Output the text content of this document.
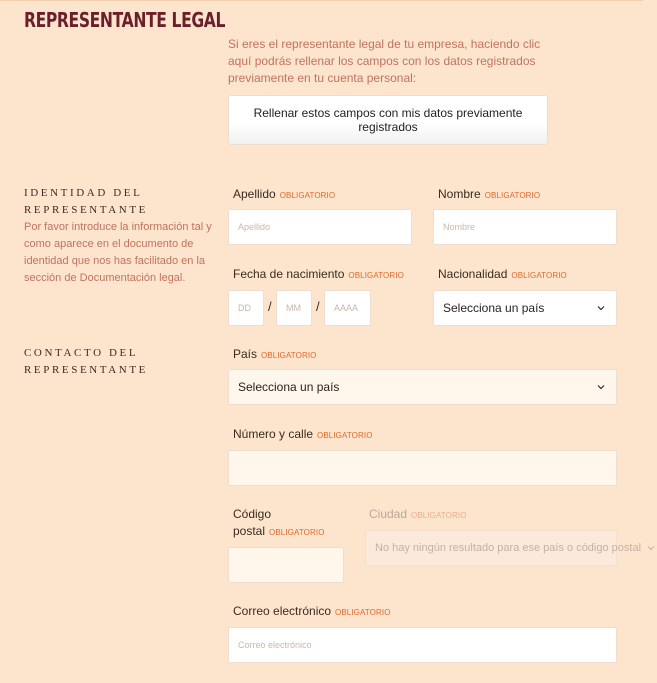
REPRESENTANTE LEGAL
Si eres el representante legal de tu empresa, haciendo clic aquí podrás rellenar los campos con los datos registrados previamente en tu cuenta personal:
Rellenar estos campos con mis datos previamente registrados
IDENTIDAD DEL REPRESENTANTE
Por favor introduce la información tal y como aparece en el documento de identidad que nos has facilitado en la sección de Documentación legal.
Apellido OBLIGATORIO
Apellido	Nombre OBLIGATORIO
Nombre
Fecha de nacimiento OBLIGATORIO
DD
/
MM	/
AAAA
Nacionalidad OBLIGATORIO
Selecciona un país
CONTACTO DEL REPRESENTANTE
País OBLIGATORIO
Selecciona un país
Número y calle OBLIGATORIO
Código
postal OBLIGATORIO
Ciudad OBLIGATORIO
No hay ningún resultado para ese país o código postal
Correo electrónico OBLIGATORIO
Correo electrónico
